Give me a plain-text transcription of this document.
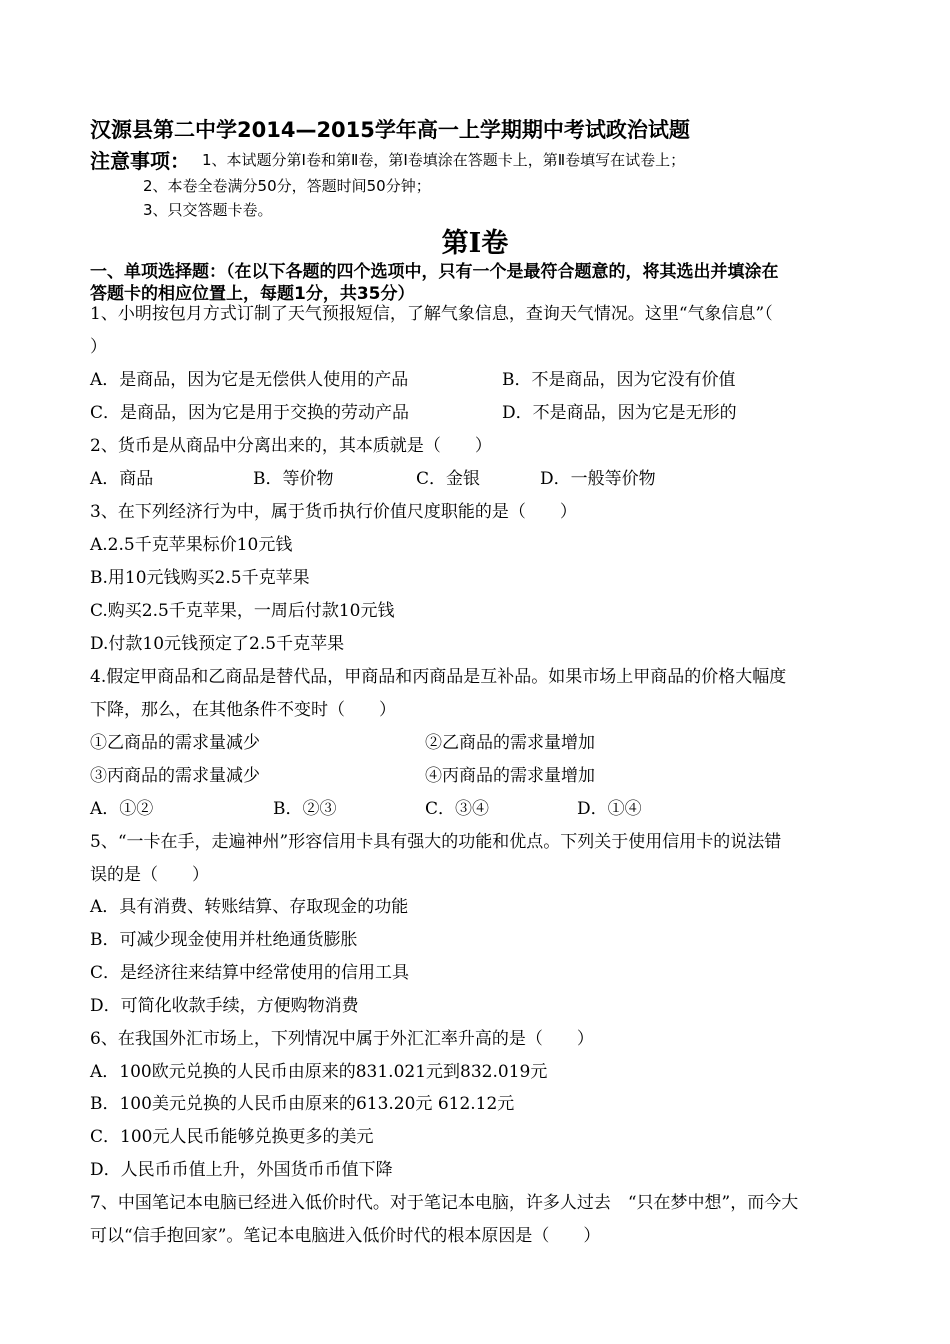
汉源县第二中学2014—2015学年高一上学期期中考试政治试题
注意事项： 1、本试题分第Ⅰ卷和第Ⅱ卷，第Ⅰ卷填涂在答题卡上，第Ⅱ卷填写在试卷上；
2、本卷全卷满分50分，答题时间50分钟；
3、只交答题卡卷。
第Ⅰ卷
一、单项选择题：（在以下各题的四个选项中，只有一个是最符合题意的，将其选出并填涂在
答题卡的相应位置上，每题1分，共35分）
1、小明按包月方式订制了天气预报短信，了解气象信息，查询天气情况。这里“气象信息”（
）
A．是商品，因为它是无偿供人使用的产品	B．不是商品，因为它没有价值
C．是商品，因为它是用于交换的劳动产品	D．不是商品，因为它是无形的
2、货币是从商品中分离出来的，其本质就是（　　）
A．商品	B．等价物	C．金银	D．一般等价物
3、在下列经济行为中，属于货币执行价值尺度职能的是（　　）
A.2.5千克苹果标价10元钱
B.用10元钱购买2.5千克苹果
C.购买2.5千克苹果，一周后付款10元钱
D.付款10元钱预定了2.5千克苹果
4.假定甲商品和乙商品是替代品，甲商品和丙商品是互补品。如果市场上甲商品的价格大幅度
下降，那么，在其他条件不变时（　　）
①乙商品的需求量减少	②乙商品的需求量增加
③丙商品的需求量减少	④丙商品的需求量增加
A．①②	B．②③	C．③④	D．①④
5、“一卡在手，走遍神州”形容信用卡具有强大的功能和优点。下列关于使用信用卡的说法错
误的是（　　）
A．具有消费、转账结算、存取现金的功能
B．可减少现金使用并杜绝通货膨胀
C．是经济往来结算中经常使用的信用工具
D．可简化收款手续，方便购物消费
6、在我国外汇市场上，下列情况中属于外汇汇率升高的是（　　）
A．100欧元兑换的人民币由原来的831.021元到832.019元
B．100美元兑换的人民币由原来的613.20元 612.12元
C．100元人民币能够兑换更多的美元
D．人民币币值上升，外国货币币值下降
7、中国笔记本电脑已经进入低价时代。对于笔记本电脑，许多人过去　“只在梦中想”，而今大
可以“信手抱回家”。笔记本电脑进入低价时代的根本原因是（　　）
